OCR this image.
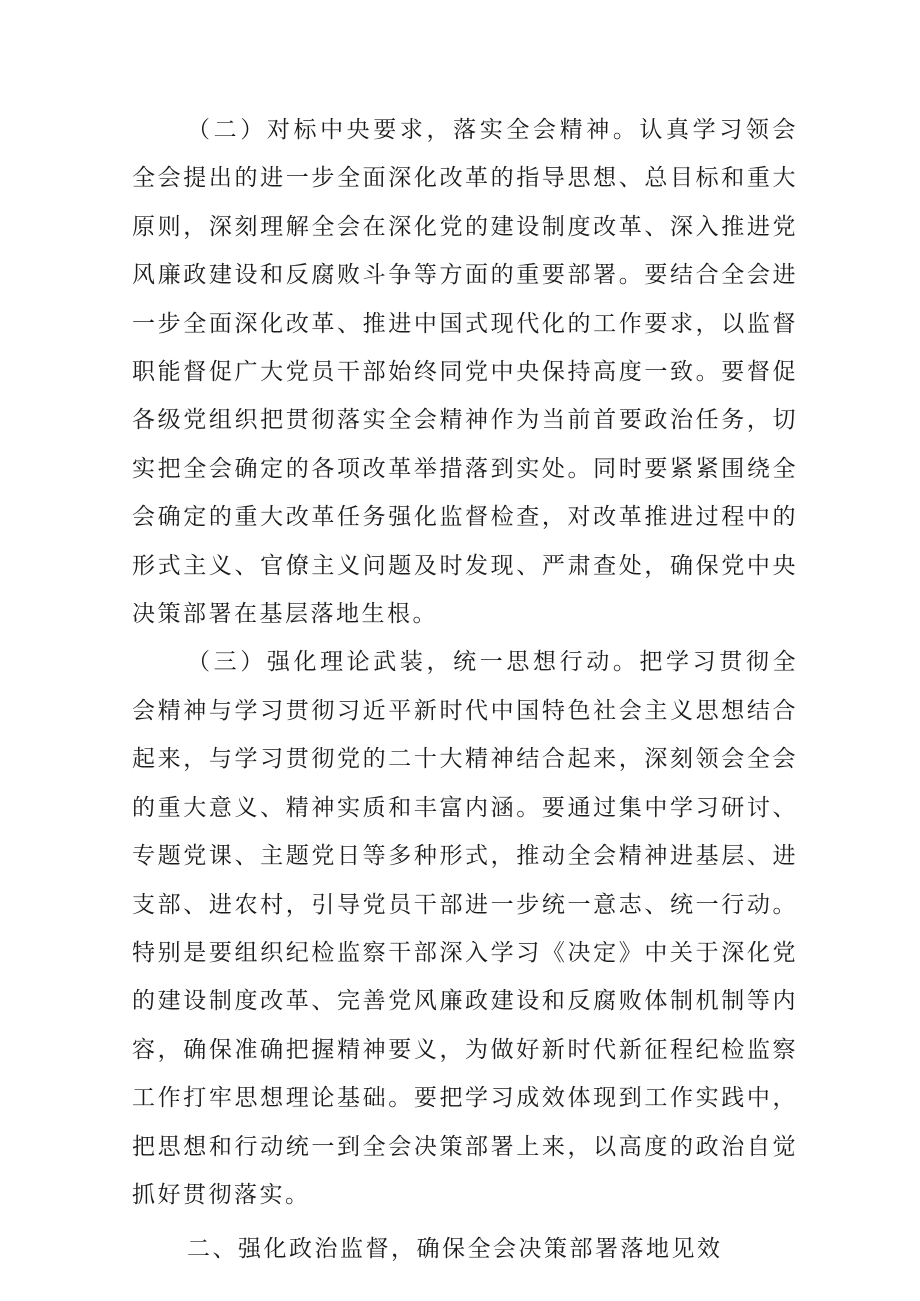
（二）对标中央要求，落实全会精神。认真学习领会全会提出的进一步全面深化改革的指导思想、总目标和重大原则，深刻理解全会在深化党的建设制度改革、深入推进党风廉政建设和反腐败斗争等方面的重要部署。要结合全会进一步全面深化改革、推进中国式现代化的工作要求，以监督职能督促广大党员干部始终同党中央保持高度一致。要督促各级党组织把贯彻落实全会精神作为当前首要政治任务，切实把全会确定的各项改革举措落到实处。同时要紧紧围绕全会确定的重大改革任务强化监督检查，对改革推进过程中的形式主义、官僚主义问题及时发现、严肃查处，确保党中央决策部署在基层落地生根。

（三）强化理论武装，统一思想行动。把学习贯彻全会精神与学习贯彻习近平新时代中国特色社会主义思想结合起来，与学习贯彻党的二十大精神结合起来，深刻领会全会的重大意义、精神实质和丰富内涵。要通过集中学习研讨、专题党课、主题党日等多种形式，推动全会精神进基层、进支部、进农村，引导党员干部进一步统一意志、统一行动。特别是要组织纪检监察干部深入学习《决定》中关于深化党的建设制度改革、完善党风廉政建设和反腐败体制机制等内容，确保准确把握精神要义，为做好新时代新征程纪检监察工作打牢思想理论基础。要把学习成效体现到工作实践中，把思想和行动统一到全会决策部署上来，以高度的政治自觉抓好贯彻落实。

二、强化政治监督，确保全会决策部署落地见效
